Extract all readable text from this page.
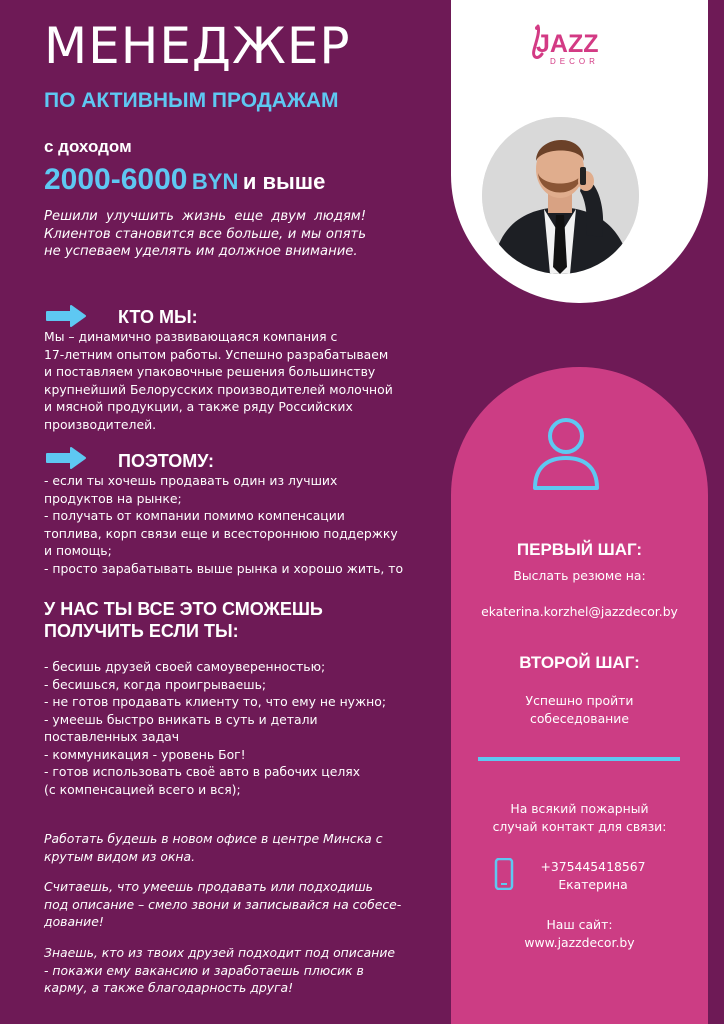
МЕНЕДЖЕР
ПО АКТИВНЫМ ПРОДАЖАМ
с доходом
2000-6000 BYN и выше
Решили улучшить жизнь еще двум людям! Клиентов становится все больше, и мы опять не успеваем уделять им должное внимание.
КТО МЫ:
Мы – динамично развивающаяся компания с
17-летним опытом работы. Успешно разрабатываем
и поставляем упаковочные решения большинству
крупнейший Белорусских производителей молочной
и мясной продукции, а также ряду Российских
производителей.
ПОЭТОМУ:
- если ты хочешь продавать один из лучших
продуктов на рынке;
- получать от компании помимо компенсации
топлива, корп связи еще и всестороннюю поддержку
и помощь;
- просто зарабатывать выше рынка и хорошо жить, то
У НАС ТЫ ВСЕ ЭТО СМОЖЕШЬ
ПОЛУЧИТЬ ЕСЛИ ТЫ:
- бесишь друзей своей самоуверенностью;
- бесишься, когда проигрываешь;
- не готов продавать клиенту то, что ему не нужно;
- умеешь быстро вникать в суть и детали
поставленных задач
- коммуникация - уровень Бог!
- готов использовать своё авто в рабочих целях
(с компенсацией всего и вся);
Работать будешь в новом офисе в центре Минска с
крутым видом из окна.
Считаешь, что умеешь продавать или подходишь
под описание – смело звони и записывайся на собесе-
дование!
Знаешь, кто из твоих друзей подходит под описание
- покажи ему вакансию и заработаешь плюсик в
карму, а также благодарность друга!
JAZZ
DECOR
ПЕРВЫЙ ШАГ:
Выслать резюме на:
ekaterina.korzhel@jazzdecor.by
ВТОРОЙ ШАГ:
Успешно пройти
собеседование
На всякий пожарный
случай контакт для связи:
+375445418567
Екатерина
Наш сайт:
www.jazzdecor.by
